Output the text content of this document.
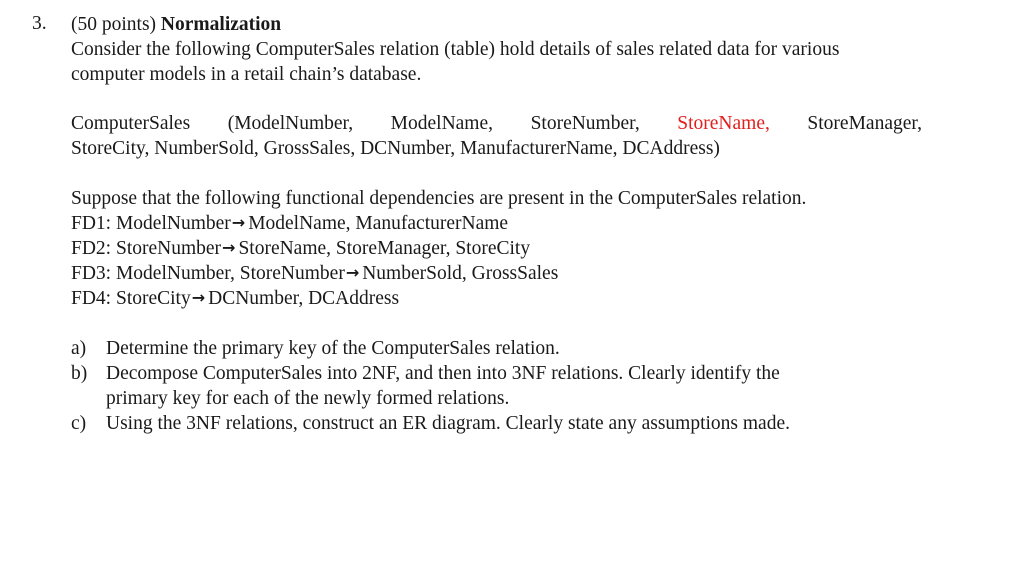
3. (50 points) Normalization
Consider the following ComputerSales relation (table) hold details of sales related data for various
computer models in a retail chain’s database.
ComputerSales (ModelNumber, ModelName, StoreNumber, StoreName, StoreManager,
StoreCity, NumberSold, GrossSales, DCNumber, ManufacturerName, DCAddress)
Suppose that the following functional dependencies are present in the ComputerSales relation.
FD1: ModelNumber→ ModelName, ManufacturerName
FD2: StoreNumber→ StoreName, StoreManager, StoreCity
FD3: ModelNumber, StoreNumber→ NumberSold, GrossSales
FD4: StoreCity→ DCNumber, DCAddress
a) Determine the primary key of the ComputerSales relation.
b) Decompose ComputerSales into 2NF, and then into 3NF relations. Clearly identify the
primary key for each of the newly formed relations.
c) Using the 3NF relations, construct an ER diagram. Clearly state any assumptions made.
